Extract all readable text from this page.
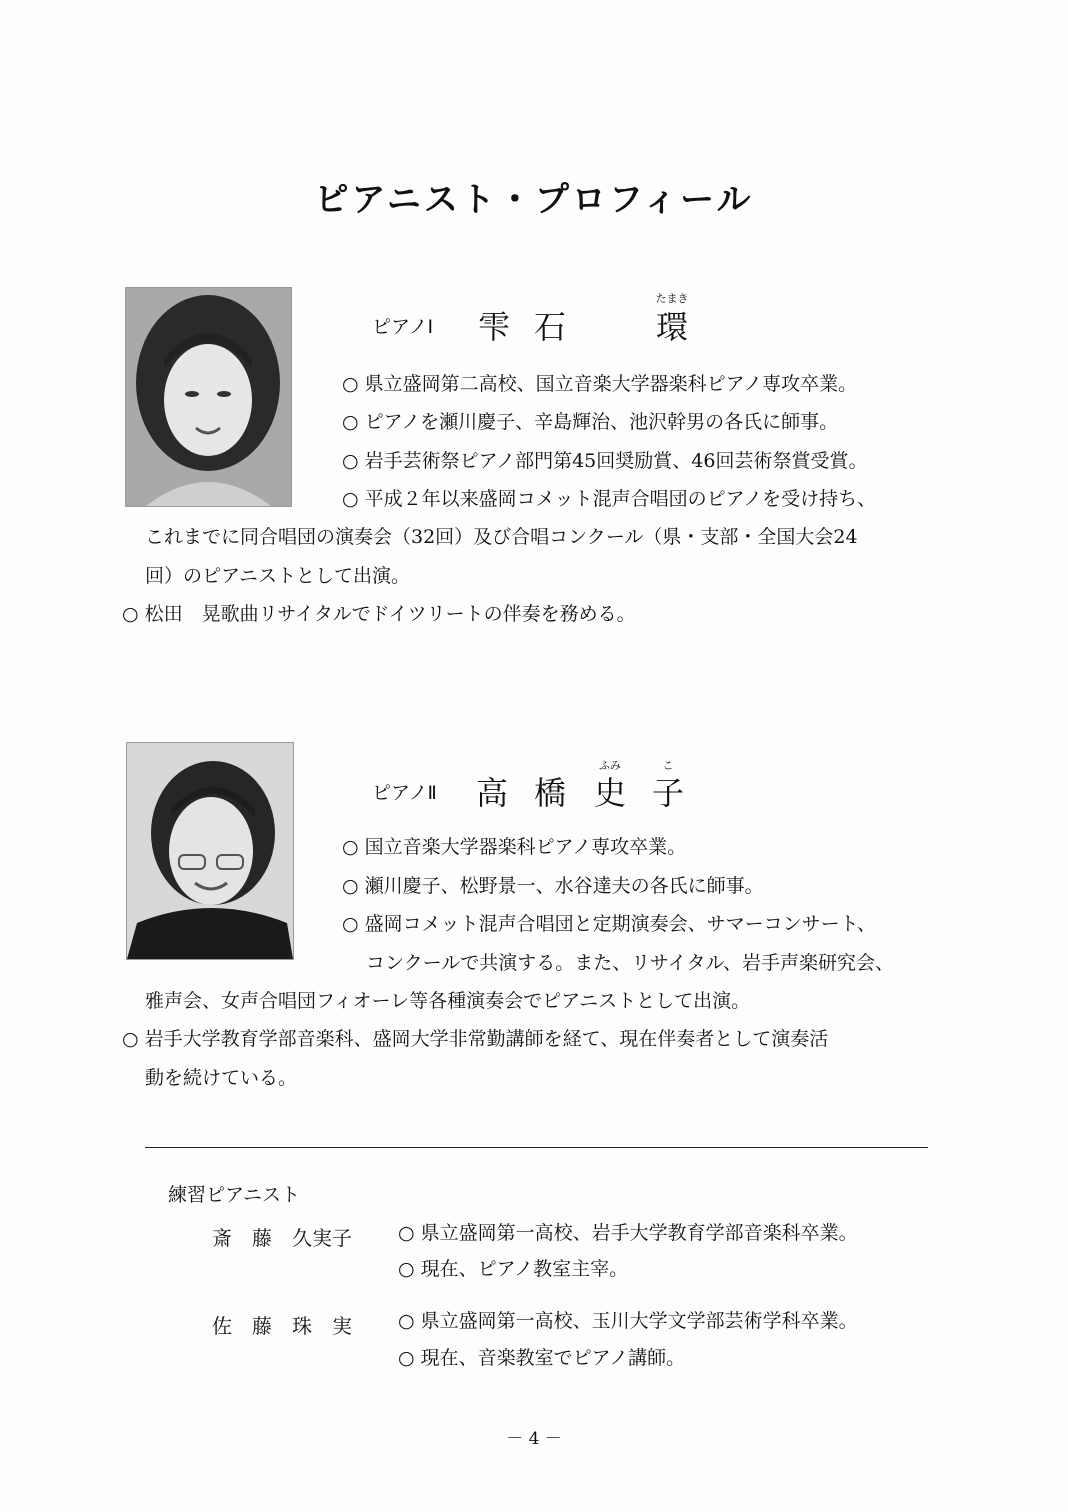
ピアニスト・プロフィール
ピアノⅠ 雫 石
たまき
環
○ 県立盛岡第二高校、国立音楽大学器楽科ピアノ専攻卒業。
○ ピアノを瀬川慶子、辛島輝治、池沢幹男の各氏に師事。
○ 岩手芸術祭ピアノ部門第45回奨励賞、46回芸術祭賞受賞。
○ 平成２年以来盛岡コメット混声合唱団のピアノを受け持ち、
これまでに同合唱団の演奏会（32回）及び合唱コンクール（県・支部・全国大会24
回）のピアニストとして出演。
○ 松田　晃歌曲リサイタルでドイツリートの伴奏を務める。
ピアノⅡ 高 橋
ふみ
史
こ
子
○ 国立音楽大学器楽科ピアノ専攻卒業。
○ 瀬川慶子、松野景一、水谷達夫の各氏に師事。
○ 盛岡コメット混声合唱団と定期演奏会、サマーコンサート、
コンクールで共演する。また、リサイタル、岩手声楽研究会、
雅声会、女声合唱団フィオーレ等各種演奏会でピアニストとして出演。
○ 岩手大学教育学部音楽科、盛岡大学非常勤講師を経て、現在伴奏者として演奏活
動を続けている。
練習ピアニスト
斎　藤　久実子 ○ 県立盛岡第一高校、岩手大学教育学部音楽科卒業。
○ 現在、ピアノ教室主宰。
佐　藤　珠　実 ○ 県立盛岡第一高校、玉川大学文学部芸術学科卒業。
○ 現在、音楽教室でピアノ講師。
－ 4 －
